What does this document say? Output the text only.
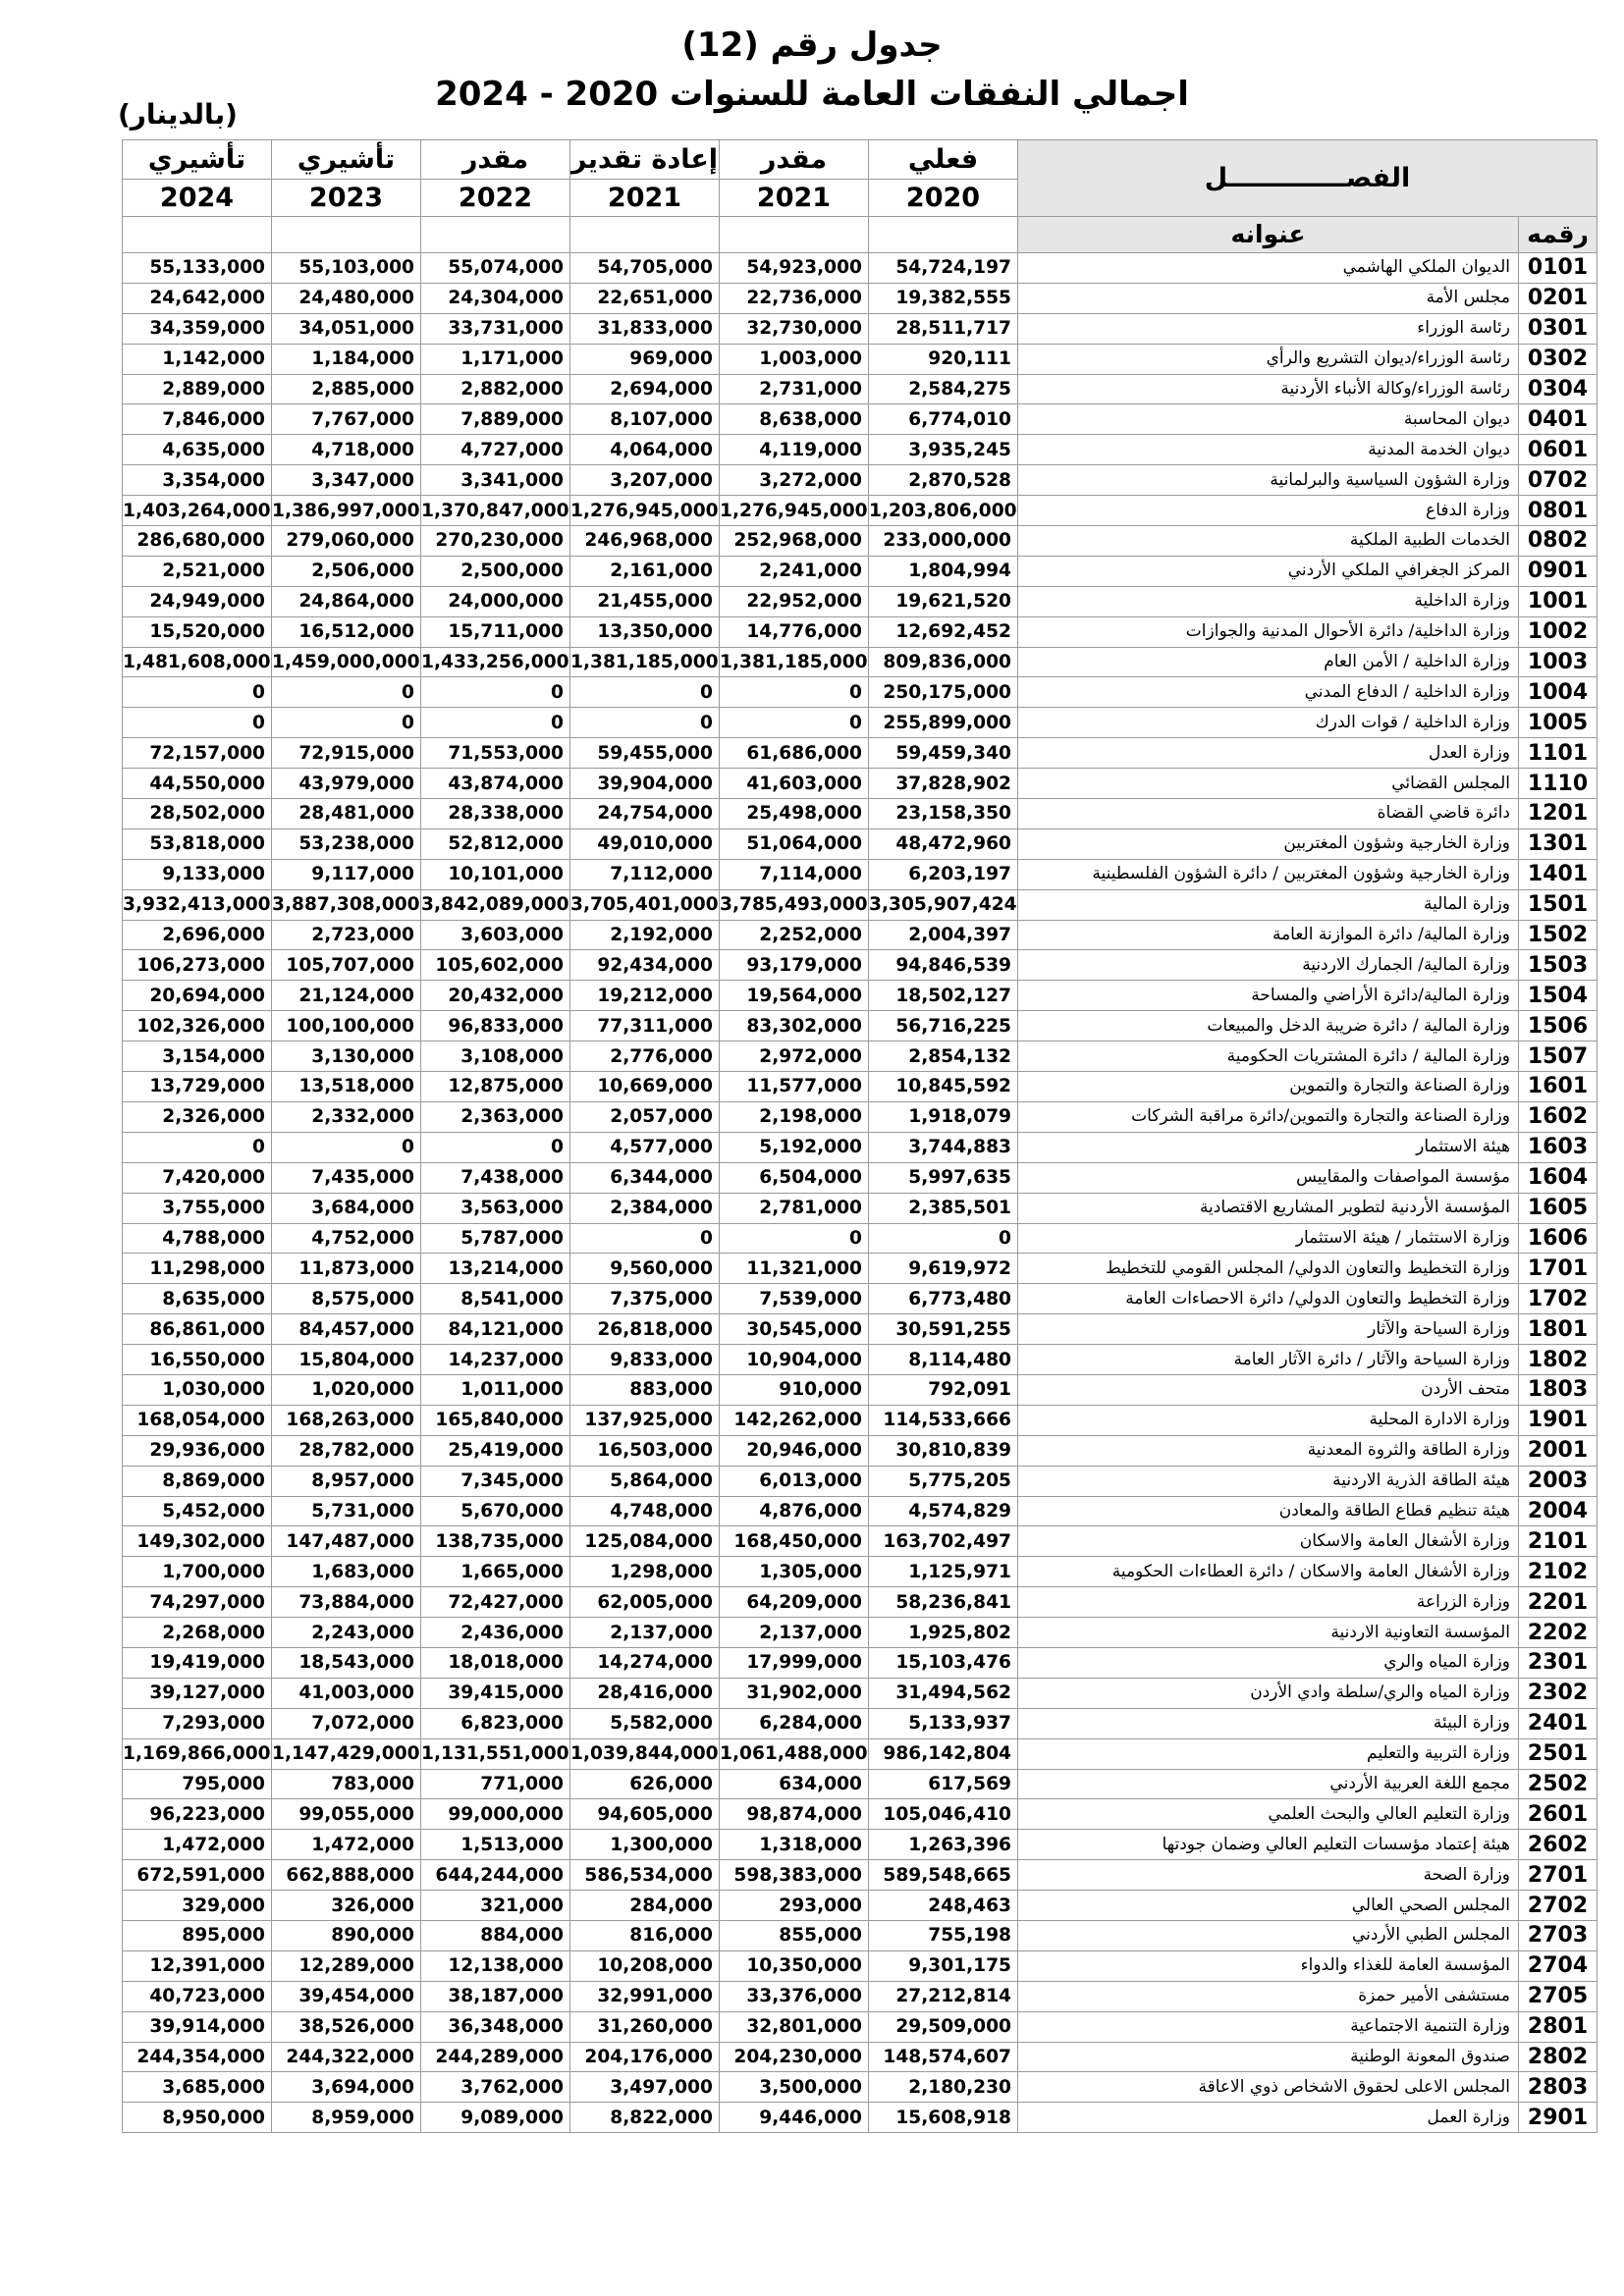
جدول رقم (12)
اجمالي النفقات العامة للسنوات 2020 - 2024
(بالدينار)
تأشيري	تأشيري	مقدر	إعادة تقدير	مقدر	فعلي	الفصـــــــــــــل	
2024	2023	2022	2021	2021	2020		
						عنوانه	رقمه
55,133,000	55,103,000	55,074,000	54,705,000	54,923,000	54,724,197	الديوان الملكي الهاشمي	0101
24,642,000	24,480,000	24,304,000	22,651,000	22,736,000	19,382,555	مجلس الأمة	0201
34,359,000	34,051,000	33,731,000	31,833,000	32,730,000	28,511,717	رئاسة الوزراء	0301
1,142,000	1,184,000	1,171,000	969,000	1,003,000	920,111	رئاسة الوزراء/ديوان التشريع والرأي	0302
2,889,000	2,885,000	2,882,000	2,694,000	2,731,000	2,584,275	رئاسة الوزراء/وكالة الأنباء الأردنية	0304
7,846,000	7,767,000	7,889,000	8,107,000	8,638,000	6,774,010	ديوان المحاسبة	0401
4,635,000	4,718,000	4,727,000	4,064,000	4,119,000	3,935,245	ديوان الخدمة المدنية	0601
3,354,000	3,347,000	3,341,000	3,207,000	3,272,000	2,870,528	وزارة الشؤون السياسية والبرلمانية	0702
1,403,264,000	1,386,997,000	1,370,847,000	1,276,945,000	1,276,945,000	1,203,806,000	وزارة الدفاع	0801
286,680,000	279,060,000	270,230,000	246,968,000	252,968,000	233,000,000	الخدمات الطبية الملكية	0802
2,521,000	2,506,000	2,500,000	2,161,000	2,241,000	1,804,994	المركز الجغرافي الملكي الأردني	0901
24,949,000	24,864,000	24,000,000	21,455,000	22,952,000	19,621,520	وزارة الداخلية	1001
15,520,000	16,512,000	15,711,000	13,350,000	14,776,000	12,692,452	وزارة الداخلية/ دائرة الأحوال المدنية والجوازات	1002
1,481,608,000	1,459,000,000	1,433,256,000	1,381,185,000	1,381,185,000	809,836,000	وزارة الداخلية / الأمن العام	1003
0	0	0	0	0	250,175,000	وزارة الداخلية / الدفاع المدني	1004
0	0	0	0	0	255,899,000	وزارة الداخلية / قوات الدرك	1005
72,157,000	72,915,000	71,553,000	59,455,000	61,686,000	59,459,340	وزارة العدل	1101
44,550,000	43,979,000	43,874,000	39,904,000	41,603,000	37,828,902	المجلس القضائي	1110
28,502,000	28,481,000	28,338,000	24,754,000	25,498,000	23,158,350	دائرة قاضي القضاة	1201
53,818,000	53,238,000	52,812,000	49,010,000	51,064,000	48,472,960	وزارة الخارجية وشؤون المغتربين	1301
9,133,000	9,117,000	10,101,000	7,112,000	7,114,000	6,203,197	وزارة الخارجية وشؤون المغتربين / دائرة الشؤون الفلسطينية	1401
3,932,413,000	3,887,308,000	3,842,089,000	3,705,401,000	3,785,493,000	3,305,907,424	وزارة المالية	1501
2,696,000	2,723,000	3,603,000	2,192,000	2,252,000	2,004,397	وزارة المالية/ دائرة الموازنة العامة	1502
106,273,000	105,707,000	105,602,000	92,434,000	93,179,000	94,846,539	وزارة المالية/ الجمارك الاردنية	1503
20,694,000	21,124,000	20,432,000	19,212,000	19,564,000	18,502,127	وزارة المالية/دائرة الأراضي والمساحة	1504
102,326,000	100,100,000	96,833,000	77,311,000	83,302,000	56,716,225	وزارة المالية / دائرة ضريبة الدخل والمبيعات	1506
3,154,000	3,130,000	3,108,000	2,776,000	2,972,000	2,854,132	وزارة المالية / دائرة المشتريات الحكومية	1507
13,729,000	13,518,000	12,875,000	10,669,000	11,577,000	10,845,592	وزارة الصناعة والتجارة والتموين	1601
2,326,000	2,332,000	2,363,000	2,057,000	2,198,000	1,918,079	وزارة الصناعة والتجارة والتموين/دائرة مراقبة الشركات	1602
0	0	0	4,577,000	5,192,000	3,744,883	هيئة الاستثمار	1603
7,420,000	7,435,000	7,438,000	6,344,000	6,504,000	5,997,635	مؤسسة المواصفات والمقاييس	1604
3,755,000	3,684,000	3,563,000	2,384,000	2,781,000	2,385,501	المؤسسة الأردنية لتطوير المشاريع الاقتصادية	1605
4,788,000	4,752,000	5,787,000	0	0	0	وزارة الاستثمار / هيئة الاستثمار	1606
11,298,000	11,873,000	13,214,000	9,560,000	11,321,000	9,619,972	وزارة التخطيط والتعاون الدولي/ المجلس القومي للتخطيط	1701
8,635,000	8,575,000	8,541,000	7,375,000	7,539,000	6,773,480	وزارة التخطيط والتعاون الدولي/ دائرة الاحصاءات العامة	1702
86,861,000	84,457,000	84,121,000	26,818,000	30,545,000	30,591,255	وزارة السياحة والآثار	1801
16,550,000	15,804,000	14,237,000	9,833,000	10,904,000	8,114,480	وزارة السياحة والآثار / دائرة الآثار العامة	1802
1,030,000	1,020,000	1,011,000	883,000	910,000	792,091	متحف الأردن	1803
168,054,000	168,263,000	165,840,000	137,925,000	142,262,000	114,533,666	وزارة الادارة المحلية	1901
29,936,000	28,782,000	25,419,000	16,503,000	20,946,000	30,810,839	وزارة الطاقة والثروة المعدنية	2001
8,869,000	8,957,000	7,345,000	5,864,000	6,013,000	5,775,205	هيئة الطاقة الذرية الاردنية	2003
5,452,000	5,731,000	5,670,000	4,748,000	4,876,000	4,574,829	هيئة تنظيم قطاع الطاقة والمعادن	2004
149,302,000	147,487,000	138,735,000	125,084,000	168,450,000	163,702,497	وزارة الأشغال العامة والاسكان	2101
1,700,000	1,683,000	1,665,000	1,298,000	1,305,000	1,125,971	وزارة الأشغال العامة والاسكان / دائرة العطاءات الحكومية	2102
74,297,000	73,884,000	72,427,000	62,005,000	64,209,000	58,236,841	وزارة الزراعة	2201
2,268,000	2,243,000	2,436,000	2,137,000	2,137,000	1,925,802	المؤسسة التعاونية الاردنية	2202
19,419,000	18,543,000	18,018,000	14,274,000	17,999,000	15,103,476	وزارة المياه والري	2301
39,127,000	41,003,000	39,415,000	28,416,000	31,902,000	31,494,562	وزارة المياه والري/سلطة وادي الأردن	2302
7,293,000	7,072,000	6,823,000	5,582,000	6,284,000	5,133,937	وزارة البيئة	2401
1,169,866,000	1,147,429,000	1,131,551,000	1,039,844,000	1,061,488,000	986,142,804	وزارة التربية والتعليم	2501
795,000	783,000	771,000	626,000	634,000	617,569	مجمع اللغة العربية الأردني	2502
96,223,000	99,055,000	99,000,000	94,605,000	98,874,000	105,046,410	وزارة التعليم العالي والبحث العلمي	2601
1,472,000	1,472,000	1,513,000	1,300,000	1,318,000	1,263,396	هيئة إعتماد مؤسسات التعليم العالي وضمان جودتها	2602
672,591,000	662,888,000	644,244,000	586,534,000	598,383,000	589,548,665	وزارة الصحة	2701
329,000	326,000	321,000	284,000	293,000	248,463	المجلس الصحي العالي	2702
895,000	890,000	884,000	816,000	855,000	755,198	المجلس الطبي الأردني	2703
12,391,000	12,289,000	12,138,000	10,208,000	10,350,000	9,301,175	المؤسسة العامة للغذاء والدواء	2704
40,723,000	39,454,000	38,187,000	32,991,000	33,376,000	27,212,814	مستشفى الأمير حمزة	2705
39,914,000	38,526,000	36,348,000	31,260,000	32,801,000	29,509,000	وزارة التنمية الاجتماعية	2801
244,354,000	244,322,000	244,289,000	204,176,000	204,230,000	148,574,607	صندوق المعونة الوطنية	2802
3,685,000	3,694,000	3,762,000	3,497,000	3,500,000	2,180,230	المجلس الاعلى لحقوق الاشخاص ذوي الاعاقة	2803
8,950,000	8,959,000	9,089,000	8,822,000	9,446,000	15,608,918	وزارة العمل	2901
